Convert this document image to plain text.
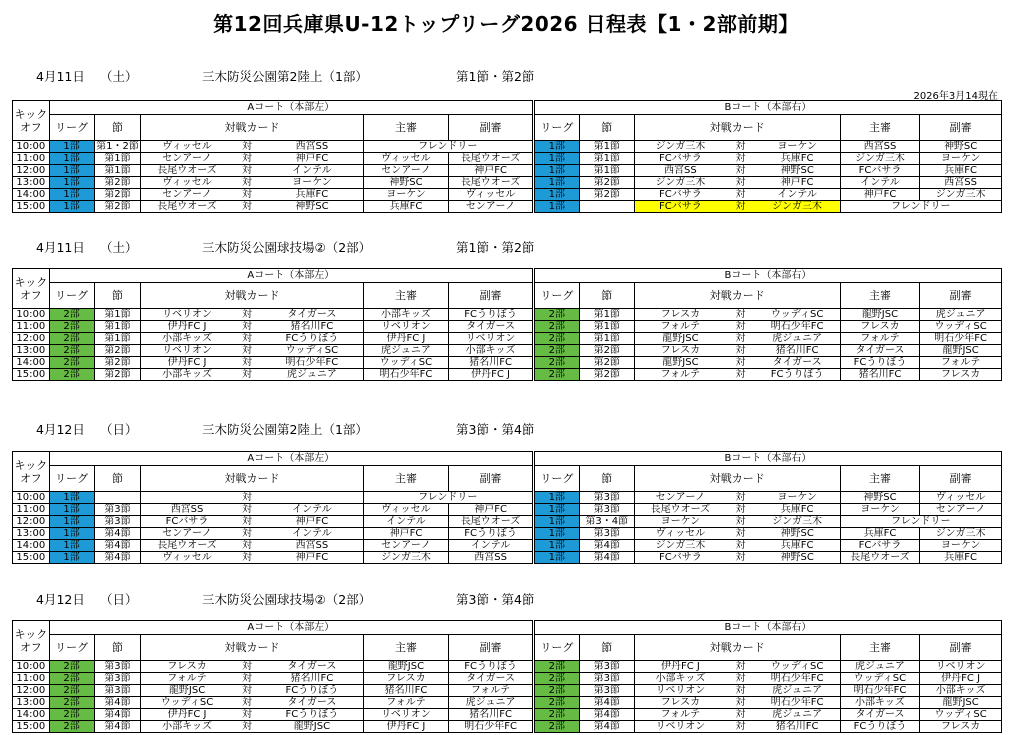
第12回兵庫県U-12トップリーグ2026 日程表【1・2部前期】
2026年3月14現在
4月11日 （土）	三木防災公園第2陸上（1部）	第1節・第2節
キック
オフ	Aコート（本部左）								Bコート（本部右）						
	リーグ	節	対戦カード			主審	副審		リーグ	節	対戦カード			主審	副審
10:00	1部	第1・2節	ヴィッセル	対	西宮SS	フレンドリー			1部	第1節	ジンガ三木	対	ヨーケン	西宮SS	神野SC
11:00	1部	第1節	センアーノ	対	神戸FC	ヴィッセル	長尾ウオーズ		1部	第1節	FCバサラ	対	兵庫FC	ジンガ三木	ヨーケン
12:00	1部	第1節	長尾ウオーズ	対	インテル	センアーノ	神戸FC		1部	第1節	西宮SS	対	神野SC	FCバサラ	兵庫FC
13:00	1部	第2節	ヴィッセル	対	ヨーケン	神野SC	長尾ウオーズ		1部	第2節	ジンガ三木	対	神戸FC	インテル	西宮SS
14:00	1部	第2節	センアーノ	対	兵庫FC	ヨーケン	ヴィッセル		1部	第2節	FCバサラ	対	インテル	神戸FC	ジンガ三木
15:00	1部	第2節	長尾ウオーズ	対	神野SC	兵庫FC	センアーノ		1部		FCバサラ	対	ジンガ三木	フレンドリー	
4月11日 （土）	三木防災公園球技場②（2部）	第1節・第2節
キック
オフ	Aコート（本部左）								Bコート（本部右）						
	リーグ	節	対戦カード			主審	副審		リーグ	節	対戦カード			主審	副審
10:00	2部	第1節	リベリオン	対	タイガース	小部キッズ	FCうりぼう		2部	第1節	フレスカ	対	ウッディSC	龍野JSC	虎ジュニア
11:00	2部	第1節	伊丹FC J	対	猪名川FC	リベリオン	タイガース		2部	第1節	フォルテ	対	明石少年FC	フレスカ	ウッディSC
12:00	2部	第1節	小部キッズ	対	FCうりぼう	伊丹FC J	リベリオン		2部	第1節	龍野JSC	対	虎ジュニア	フォルテ	明石少年FC
13:00	2部	第2節	リベリオン	対	ウッディSC	虎ジュニア	小部キッズ		2部	第2節	フレスカ	対	猪名川FC	タイガース	龍野JSC
14:00	2部	第2節	伊丹FC J	対	明石少年FC	ウッディSC	猪名川FC		2部	第2節	龍野JSC	対	タイガース	FCうりぼう	フォルテ
15:00	2部	第2節	小部キッズ	対	虎ジュニア	明石少年FC	伊丹FC J		2部	第2節	フォルテ	対	FCうりぼう	猪名川FC	フレスカ
4月12日 （日）	三木防災公園第2陸上（1部）	第3節・第4節
キック
オフ	Aコート（本部左）								Bコート（本部右）						
	リーグ	節	対戦カード			主審	副審		リーグ	節	対戦カード			主審	副審
10:00	1部			対		フレンドリー			1部	第3節	センアーノ	対	ヨーケン	神野SC	ヴィッセル
11:00	1部	第3節	西宮SS	対	インテル	ヴィッセル	神戸FC		1部	第3節	長尾ウオーズ	対	兵庫FC	ヨーケン	センアーノ
12:00	1部	第3節	FCバサラ	対	神戸FC	インテル	長尾ウオーズ		1部	第3・4節	ヨーケン	対	ジンガ三木	フレンドリー	
13:00	1部	第4節	センアーノ	対	インテル	神戸FC	FCうりぼう		1部	第3節	ヴィッセル	対	神野SC	兵庫FC	ジンガ三木
14:00	1部	第4節	長尾ウオーズ	対	西宮SS	センアーノ	インテル		1部	第4節	ジンガ三木	対	兵庫FC	FCバサラ	ヨーケン
15:00	1部	第4節	ヴィッセル	対	神戸FC	ジンガ三木	西宮SS		1部	第4節	FCバサラ	対	神野SC	長尾ウオーズ	兵庫FC
4月12日 （日）	三木防災公園球技場②（2部）	第3節・第4節
キック
オフ	Aコート（本部左）								Bコート（本部右）						
	リーグ	節	対戦カード			主審	副審		リーグ	節	対戦カード			主審	副審
10:00	2部	第3節	フレスカ	対	タイガース	龍野JSC	FCうりぼう		2部	第3節	伊丹FC J	対	ウッディSC	虎ジュニア	リベリオン
11:00	2部	第3節	フォルテ	対	猪名川FC	フレスカ	タイガース		2部	第3節	小部キッズ	対	明石少年FC	ウッディSC	伊丹FC J
12:00	2部	第3節	龍野JSC	対	FCうりぼう	猪名川FC	フォルテ		2部	第3節	リベリオン	対	虎ジュニア	明石少年FC	小部キッズ
13:00	2部	第4節	ウッディSC	対	タイガース	フォルテ	虎ジュニア		2部	第4節	フレスカ	対	明石少年FC	小部キッズ	龍野JSC
14:00	2部	第4節	伊丹FC J	対	FCうりぼう	リベリオン	猪名川FC		2部	第4節	フォルテ	対	虎ジュニア	タイガース	ウッディSC
15:00	2部	第4節	小部キッズ	対	龍野JSC	伊丹FC J	明石少年FC		2部	第4節	リベリオン	対	猪名川FC	FCうりぼう	フレスカ
